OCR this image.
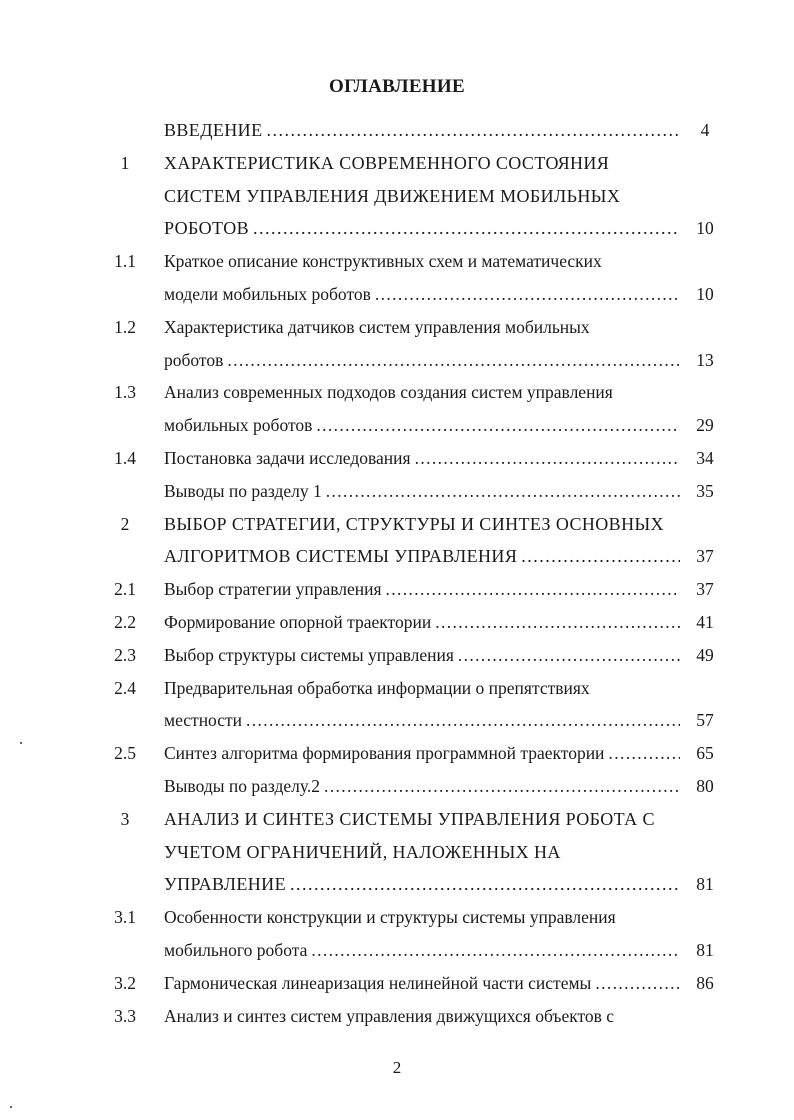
ОГЛАВЛЕНИЕ
ВВЕДЕНИЕ . . .	4
1	ХАРАКТЕРИСТИКА СОВРЕМЕННОГО СОСТОЯНИЯ
СИСТЕМ УПРАВЛЕНИЯ ДВИЖЕНИЕМ МОБИЛЬНЫХ
РОБОТОВ . . .	10
1.1	Краткое описание конструктивных схем и математических
модели мобильных роботов . . .	10
1.2	Характеристика датчиков систем управления мобильных
роботов . . .	13
1.3	Анализ современных подходов создания систем управления
мобильных роботов . . .	29
1.4	Постановка задачи исследования . . .	34
Выводы по разделу 1 . . .	35
2	ВЫБОР СТРАТЕГИИ, СТРУКТУРЫ И СИНТЕЗ ОСНОВНЫХ
АЛГОРИТМОВ СИСТЕМЫ УПРАВЛЕНИЯ . . .	37
2.1	Выбор стратегии управления . . .	37
2.2	Формирование опорной траектории . . .	41
2.3	Выбор структуры системы управления . . .	49
2.4	Предварительная обработка информации о препятствиях
местности . . .	57
2.5	Синтез алгоритма формирования программной траектории . . .	65
Выводы по разделу.2 . . .	80
3	АНАЛИЗ И СИНТЕЗ СИСТЕМЫ УПРАВЛЕНИЯ РОБОТА С
УЧЕТОМ ОГРАНИЧЕНИЙ, НАЛОЖЕННЫХ НА
УПРАВЛЕНИЕ . . .	81
3.1	Особенности конструкции и структуры системы управления
мобильного робота . . .	81
3.2	Гармоническая линеаризация нелинейной части системы . . .	86
3.3	Анализ и синтез систем управления движущихся объектов с
2
